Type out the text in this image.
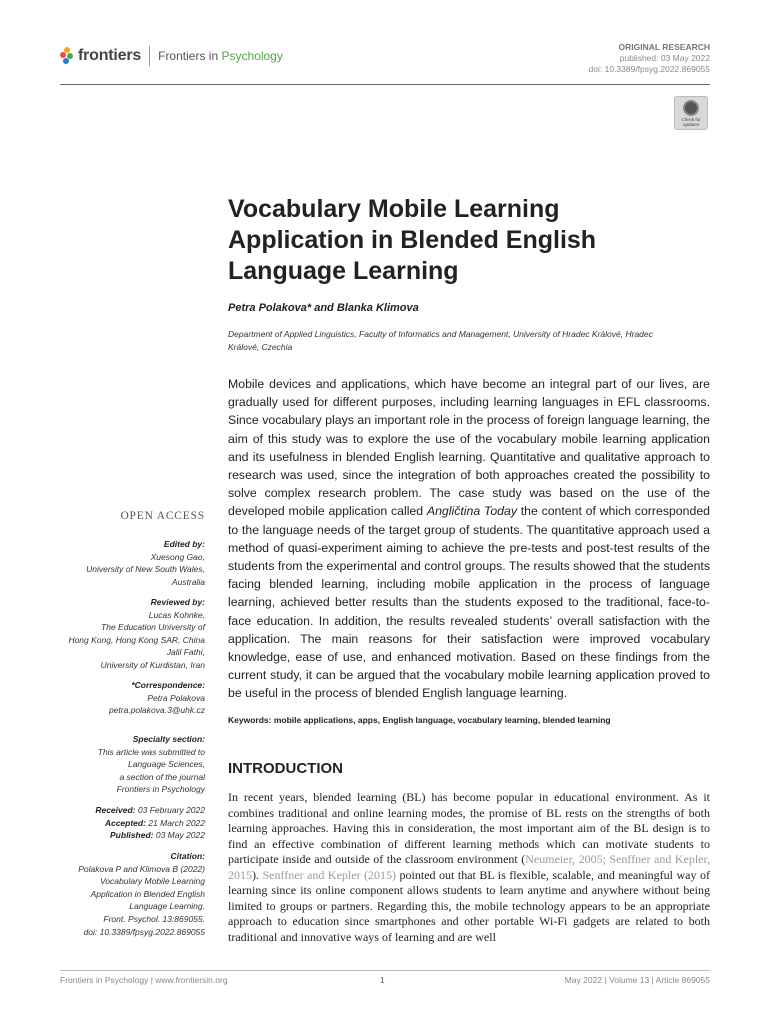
frontiers Frontiers in Psychology
ORIGINAL RESEARCH
published: 03 May 2022
doi: 10.3389/fpsyg.2022.869055
Check for updates
Vocabulary Mobile Learning Application in Blended English Language Learning
Petra Polakova* and Blanka Klimova
Department of Applied Linguistics, Faculty of Informatics and Management, University of Hradec Králové, Hradec Králové, Czechia
Mobile devices and applications, which have become an integral part of our lives, are gradually used for different purposes, including learning languages in EFL classrooms. Since vocabulary plays an important role in the process of foreign language learning, the aim of this study was to explore the use of the vocabulary mobile learning application and its usefulness in blended English learning. Quantitative and qualitative approach to research was used, since the integration of both approaches created the possibility to solve complex research problem. The case study was based on the use of the developed mobile application called Angličtina Today the content of which corresponded to the language needs of the target group of students. The quantitative approach used a method of quasi-experiment aiming to achieve the pre-tests and post-test results of the students from the experimental and control groups. The results showed that the students facing blended learning, including mobile application in the process of language learning, achieved better results than the students exposed to the traditional, face-to-face education. In addition, the results revealed students’ overall satisfaction with the application. The main reasons for their satisfaction were improved vocabulary knowledge, ease of use, and enhanced motivation. Based on these findings from the current study, it can be argued that the vocabulary mobile learning application proved to be useful in the process of blended English language learning.
Keywords: mobile applications, apps, English language, vocabulary learning, blended learning
INTRODUCTION
In recent years, blended learning (BL) has become popular in educational environment. As it combines traditional and online learning modes, the promise of BL rests on the strengths of both learning approaches. Having this in consideration, the most important aim of the BL design is to find an effective combination of different learning methods which can motivate students to participate inside and outside of the classroom environment (Neumeier, 2005; Senffner and Kepler, 2015). Senffner and Kepler (2015) pointed out that BL is flexible, scalable, and meaningful way of learning since its online component allows students to learn anytime and anywhere without being limited to groups or partners. Regarding this, the mobile technology appears to be an appropriate approach to education since smartphones and other portable Wi-Fi gadgets are related to both traditional and innovative ways of learning and are well
OPEN ACCESS
Edited by:
Xuesong Gao,
University of New South Wales,
Australia
Reviewed by:
Lucas Kohnke,
The Education University of
Hong Kong, Hong Kong SAR, China
Jalil Fathi,
University of Kurdistan, Iran
*Correspondence:
Petra Polakova
petra.polakova.3@uhk.cz
Specialty section:
This article was submitted to
Language Sciences,
a section of the journal
Frontiers in Psychology
Received: 03 February 2022
Accepted: 21 March 2022
Published: 03 May 2022
Citation:
Polakova P and Klimova B (2022)
Vocabulary Mobile Learning
Application in Blended English
Language Learning.
Front. Psychol. 13:869055.
doi: 10.3389/fpsyg.2022.869055
Frontiers in Psychology | www.frontiersin.org	1	May 2022 | Volume 13 | Article 869055
